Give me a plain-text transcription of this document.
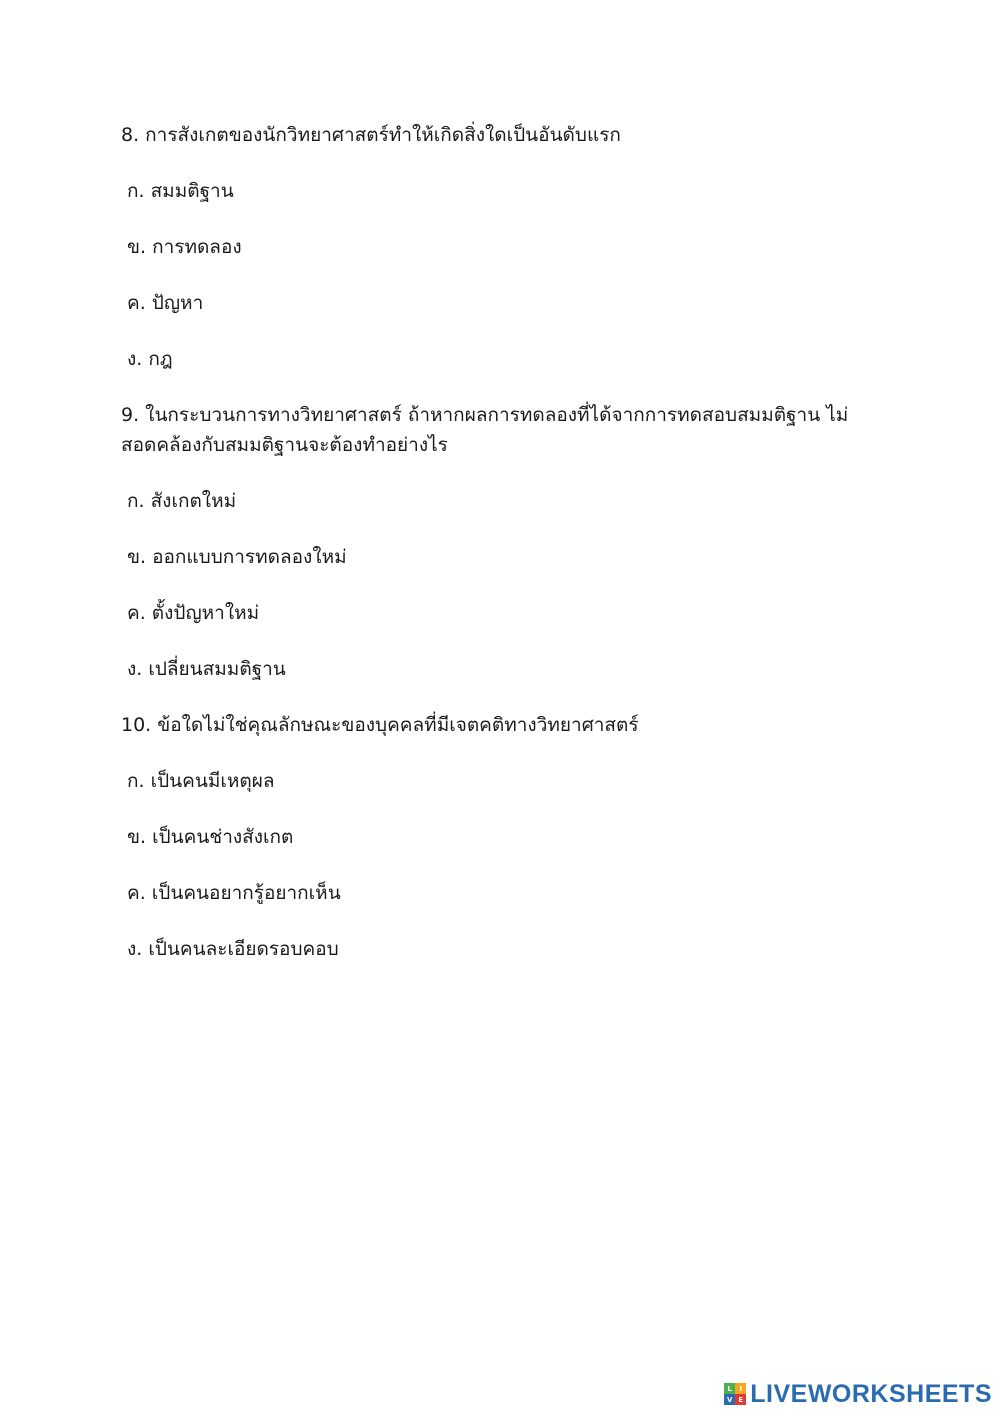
8. การสังเกตของนักวิทยาศาสตร์ทำให้เกิดสิ่งใดเป็นอันดับแรก

ก. สมมติฐาน

ข. การทดลอง

ค. ปัญหา

ง. กฎ

9. ในกระบวนการทางวิทยาศาสตร์ ถ้าหากผลการทดลองที่ได้จากการทดสอบสมมติฐาน ไม่
สอดคล้องกับสมมติฐานจะต้องทำอย่างไร

ก. สังเกตใหม่

ข. ออกแบบการทดลองใหม่

ค. ตั้งปัญหาใหม่

ง. เปลี่ยนสมมติฐาน

10. ข้อใดไม่ใช่คุณลักษณะของบุคคลที่มีเจตคติทางวิทยาศาสตร์

ก. เป็นคนมีเหตุผล

ข. เป็นคนช่างสังเกต

ค. เป็นคนอยากรู้อยากเห็น

ง. เป็นคนละเอียดรอบคอบ

L	I
V E LIVEWORKSHEETS
